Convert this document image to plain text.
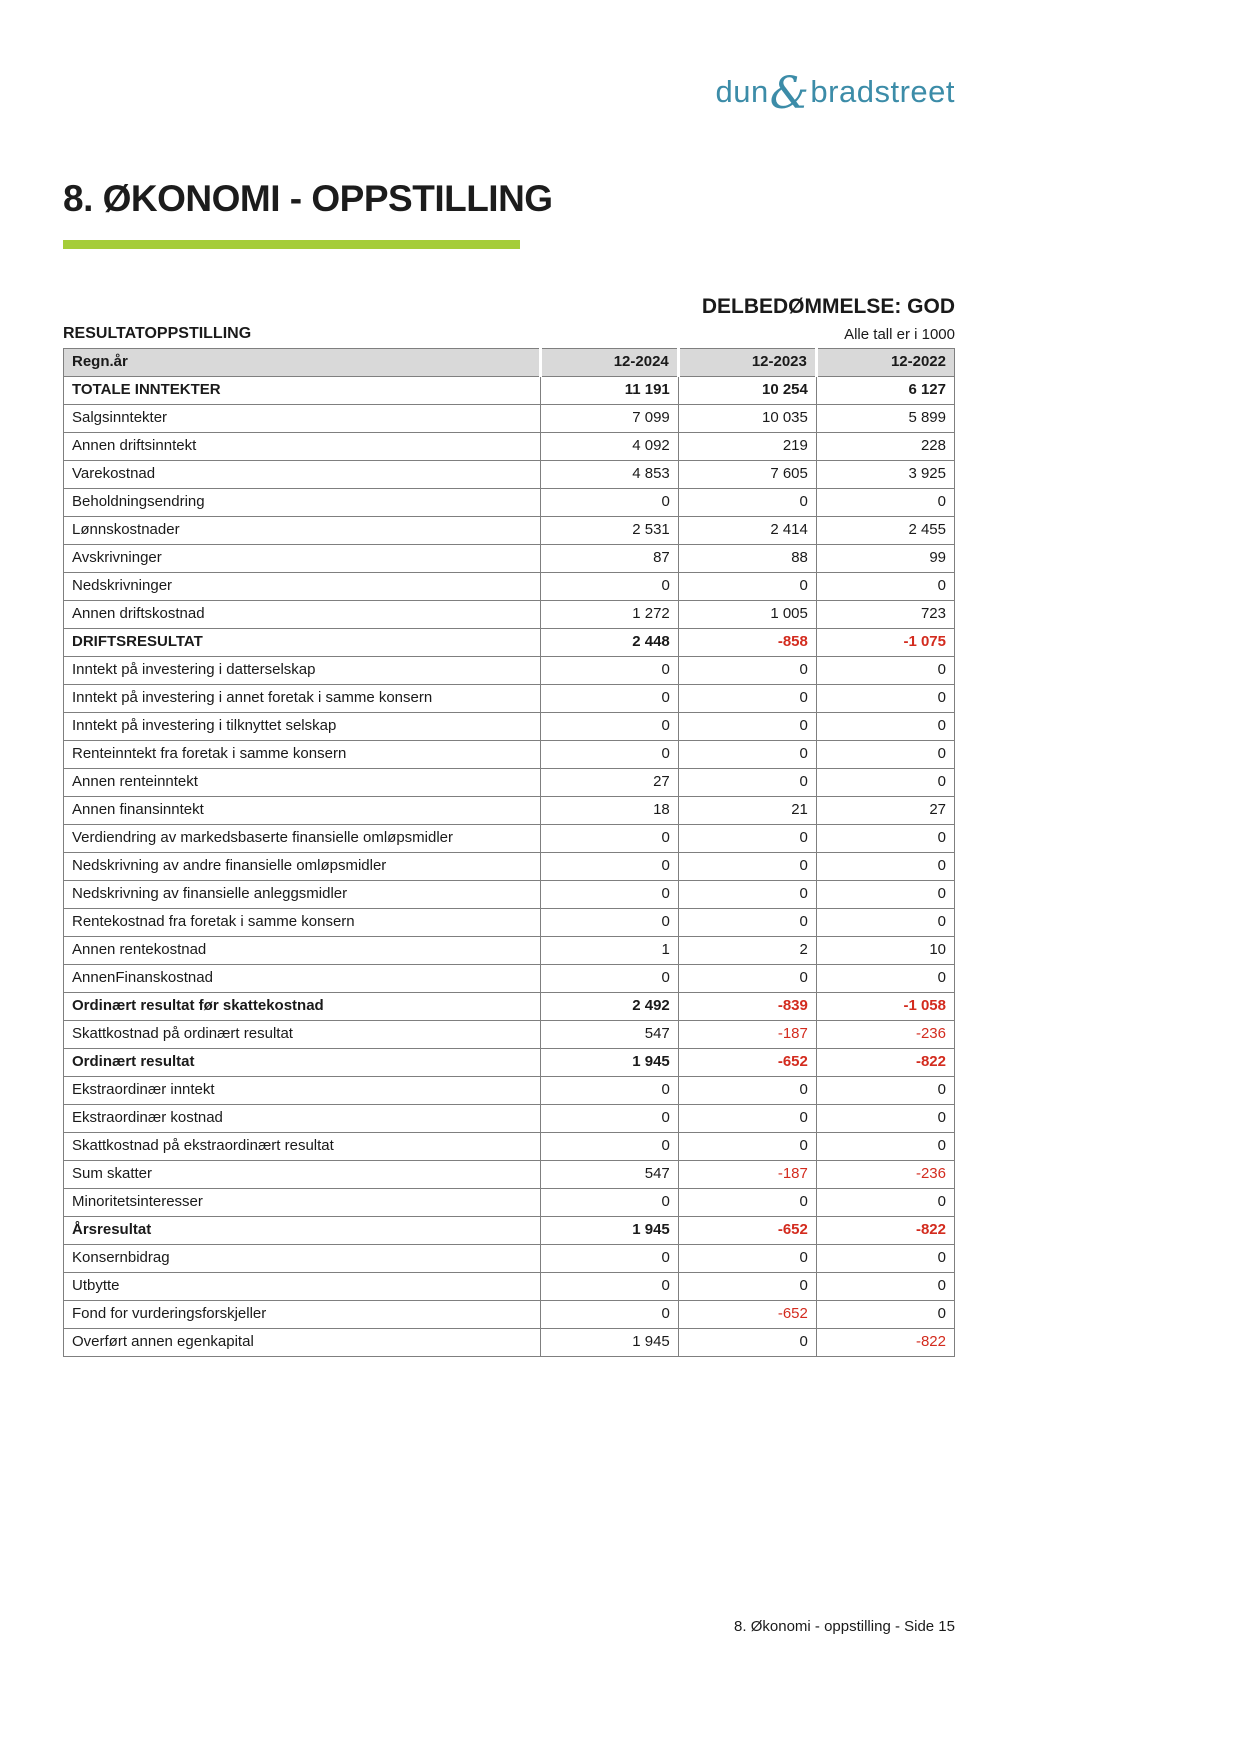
dun&bradstreet
8. ØKONOMI - OPPSTILLING
DELBEDØMMELSE: GOD
RESULTATOPPSTILLING	Alle tall er i 1000
Regn.år	12-2024	12-2023	12-2022
TOTALE INNTEKTER	11 191	10 254	6 127
Salgsinntekter	7 099	10 035	5 899
Annen driftsinntekt	4 092	219	228
Varekostnad	4 853	7 605	3 925
Beholdningsendring	0	0	0
Lønnskostnader	2 531	2 414	2 455
Avskrivninger	87	88	99
Nedskrivninger	0	0	0
Annen driftskostnad	1 272	1 005	723
DRIFTSRESULTAT	2 448	-858	-1 075
Inntekt på investering i datterselskap	0	0	0
Inntekt på investering i annet foretak i samme konsern	0	0	0
Inntekt på investering i tilknyttet selskap	0	0	0
Renteinntekt fra foretak i samme konsern	0	0	0
Annen renteinntekt	27	0	0
Annen finansinntekt	18	21	27
Verdiendring av markedsbaserte finansielle omløpsmidler	0	0	0
Nedskrivning av andre finansielle omløpsmidler	0	0	0
Nedskrivning av finansielle anleggsmidler	0	0	0
Rentekostnad fra foretak i samme konsern	0	0	0
Annen rentekostnad	1	2	10
AnnenFinanskostnad	0	0	0
Ordinært resultat før skattekostnad	2 492	-839	-1 058
Skattkostnad på ordinært resultat	547	-187	-236
Ordinært resultat	1 945	-652	-822
Ekstraordinær inntekt	0	0	0
Ekstraordinær kostnad	0	0	0
Skattkostnad på ekstraordinært resultat	0	0	0
Sum skatter	547	-187	-236
Minoritetsinteresser	0	0	0
Årsresultat	1 945	-652	-822
Konsernbidrag	0	0	0
Utbytte	0	0	0
Fond for vurderingsforskjeller	0	-652	0
Overført annen egenkapital	1 945	0	-822
8. Økonomi - oppstilling - Side 15
